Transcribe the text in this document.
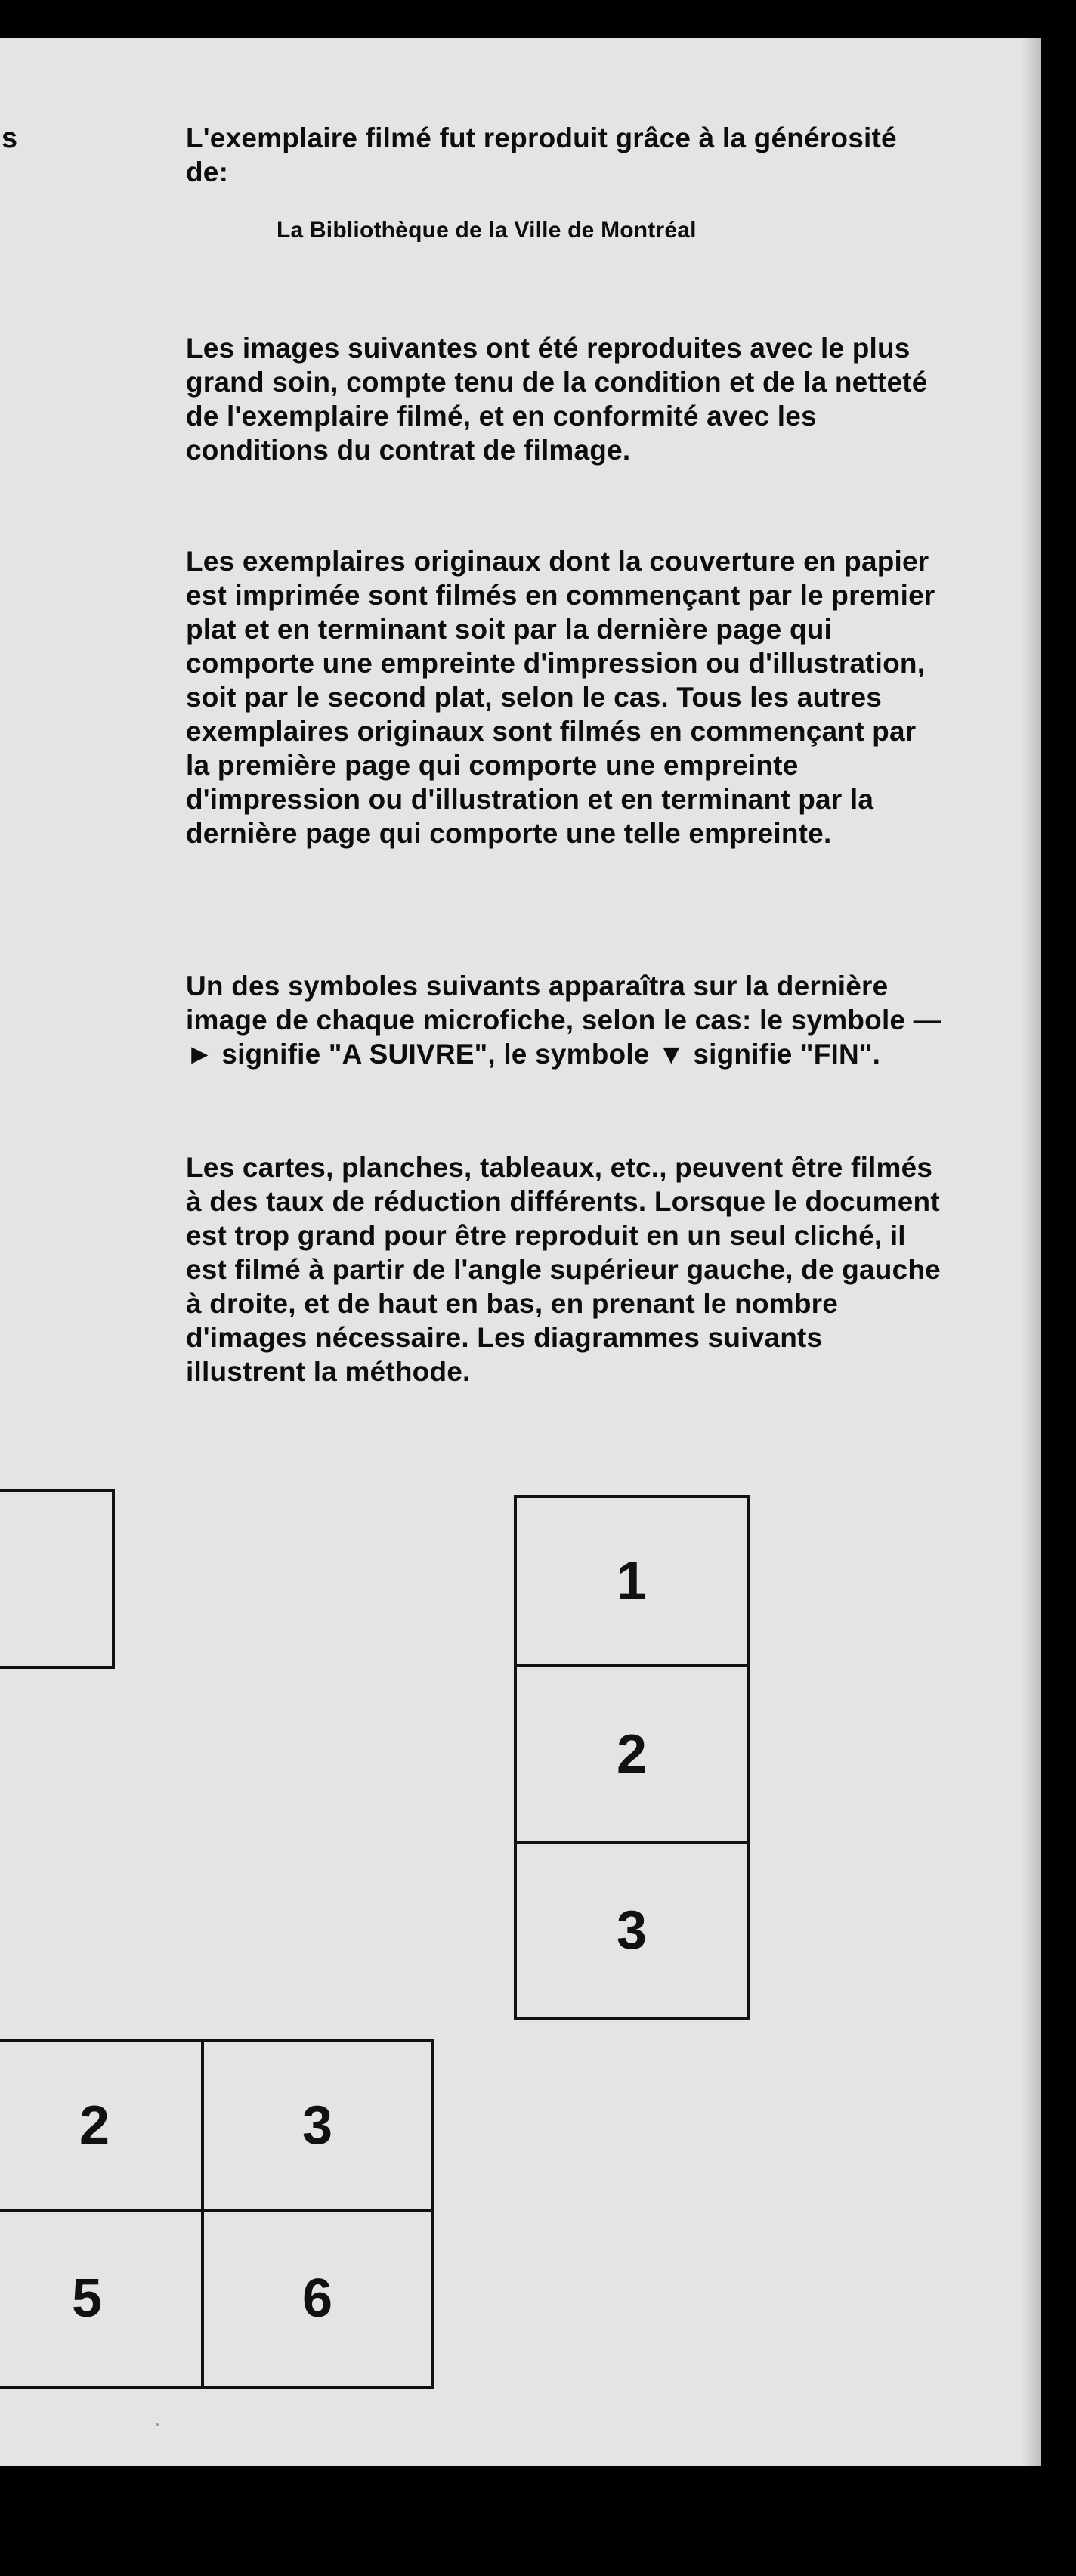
s	L'exemplaire filmé fut reproduit grâce à la générosité de:
La Bibliothèque de la Ville de Montréal
Les images suivantes ont été reproduites avec le plus grand soin, compte tenu de la condition et de la netteté de l'exemplaire filmé, et en conformité avec les conditions du contrat de filmage.
Les exemplaires originaux dont la couverture en papier est imprimée sont filmés en commençant par le premier plat et en terminant soit par la dernière page qui comporte une empreinte d'impression ou d'illustration, soit par le second plat, selon le cas. Tous les autres exemplaires originaux sont filmés en commençant par la première page qui comporte une empreinte d'impression ou d'illustration et en terminant par la dernière page qui comporte une telle empreinte.
Un des symboles suivants apparaîtra sur la dernière image de chaque microfiche, selon le cas: le symbole —► signifie "A SUIVRE", le symbole ▼ signifie "FIN".
Les cartes, planches, tableaux, etc., peuvent être filmés à des taux de réduction différents. Lorsque le document est trop grand pour être reproduit en un seul cliché, il est filmé à partir de l'angle supérieur gauche, de gauche à droite, et de haut en bas, en prenant le nombre d'images nécessaire. Les diagrammes suivants illustrent la méthode.
1
2
3
2	3
5	6
